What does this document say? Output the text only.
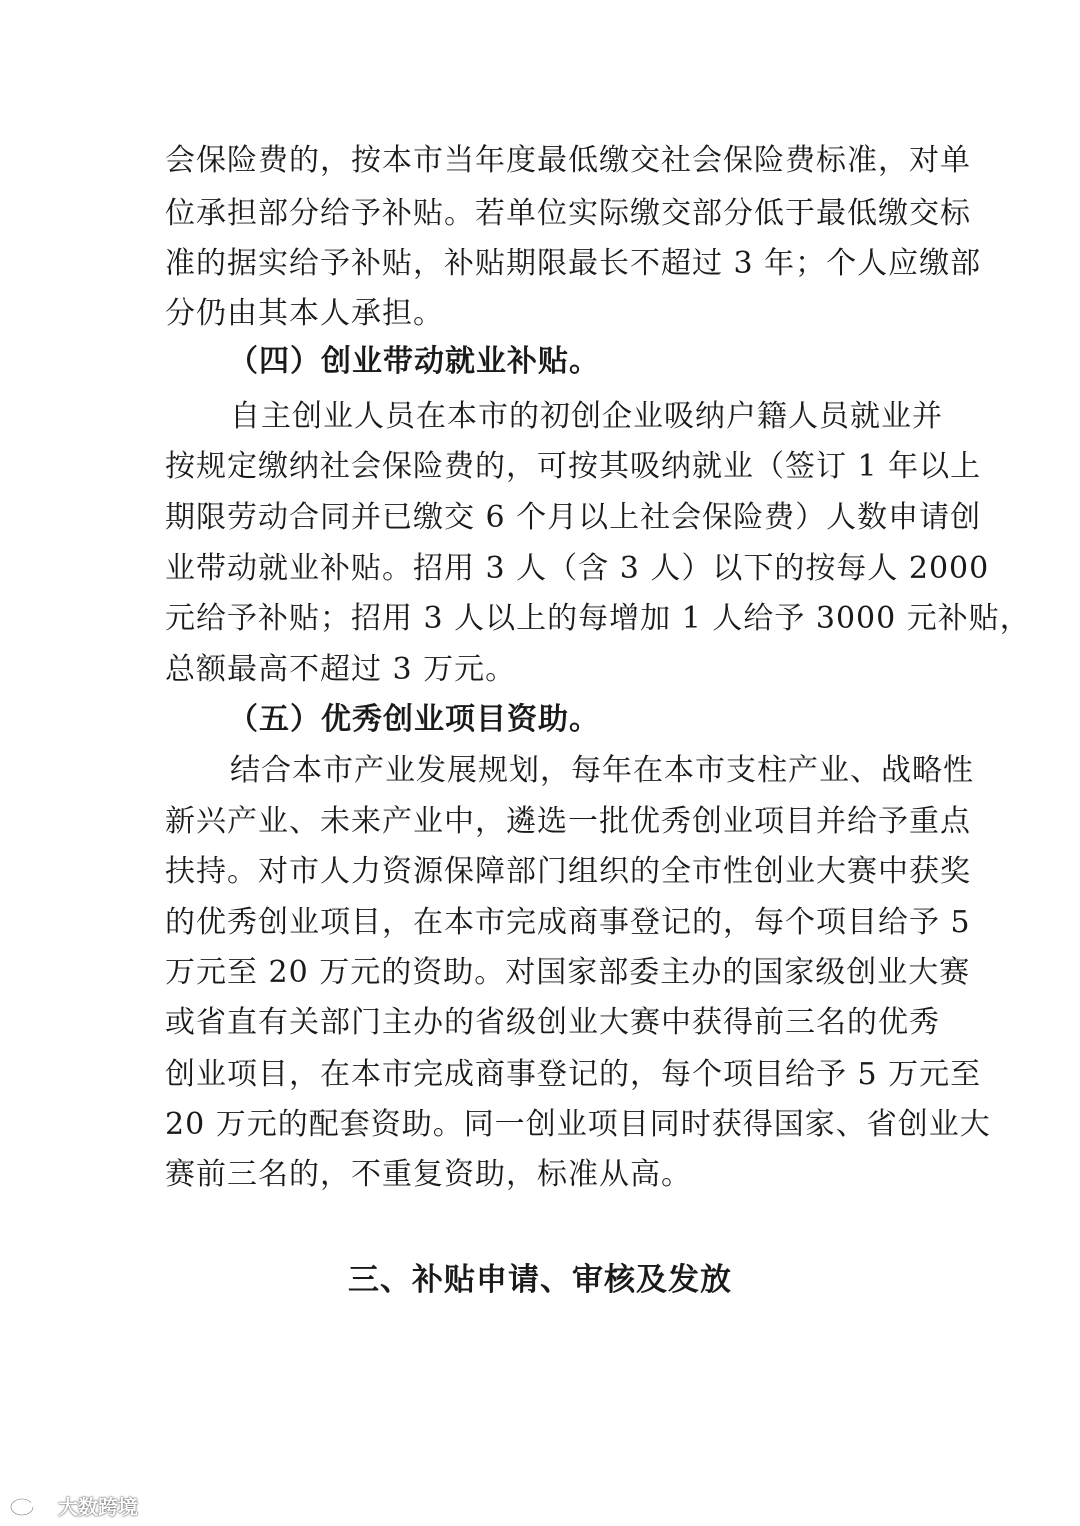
会保险费的，按本市当年度最低缴交社会保险费标准，对单
位承担部分给予补贴。若单位实际缴交部分低于最低缴交标
准的据实给予补贴，补贴期限最长不超过 3 年；个人应缴部
分仍由其本人承担。
（四）创业带动就业补贴。
自主创业人员在本市的初创企业吸纳户籍人员就业并
按规定缴纳社会保险费的，可按其吸纳就业（签订 1 年以上
期限劳动合同并已缴交 6 个月以上社会保险费）人数申请创
业带动就业补贴。招用 3 人（含 3 人）以下的按每人 2000
元给予补贴；招用 3 人以上的每增加 1 人给予 3000 元补贴，
总额最高不超过 3 万元。
（五）优秀创业项目资助。
结合本市产业发展规划，每年在本市支柱产业、战略性
新兴产业、未来产业中，遴选一批优秀创业项目并给予重点
扶持。对市人力资源保障部门组织的全市性创业大赛中获奖
的优秀创业项目，在本市完成商事登记的，每个项目给予 5
万元至 20 万元的资助。对国家部委主办的国家级创业大赛
或省直有关部门主办的省级创业大赛中获得前三名的优秀
创业项目，在本市完成商事登记的，每个项目给予 5 万元至
20 万元的配套资助。同一创业项目同时获得国家、省创业大
赛前三名的，不重复资助，标准从高。
三、补贴申请、审核及发放
大数跨境
